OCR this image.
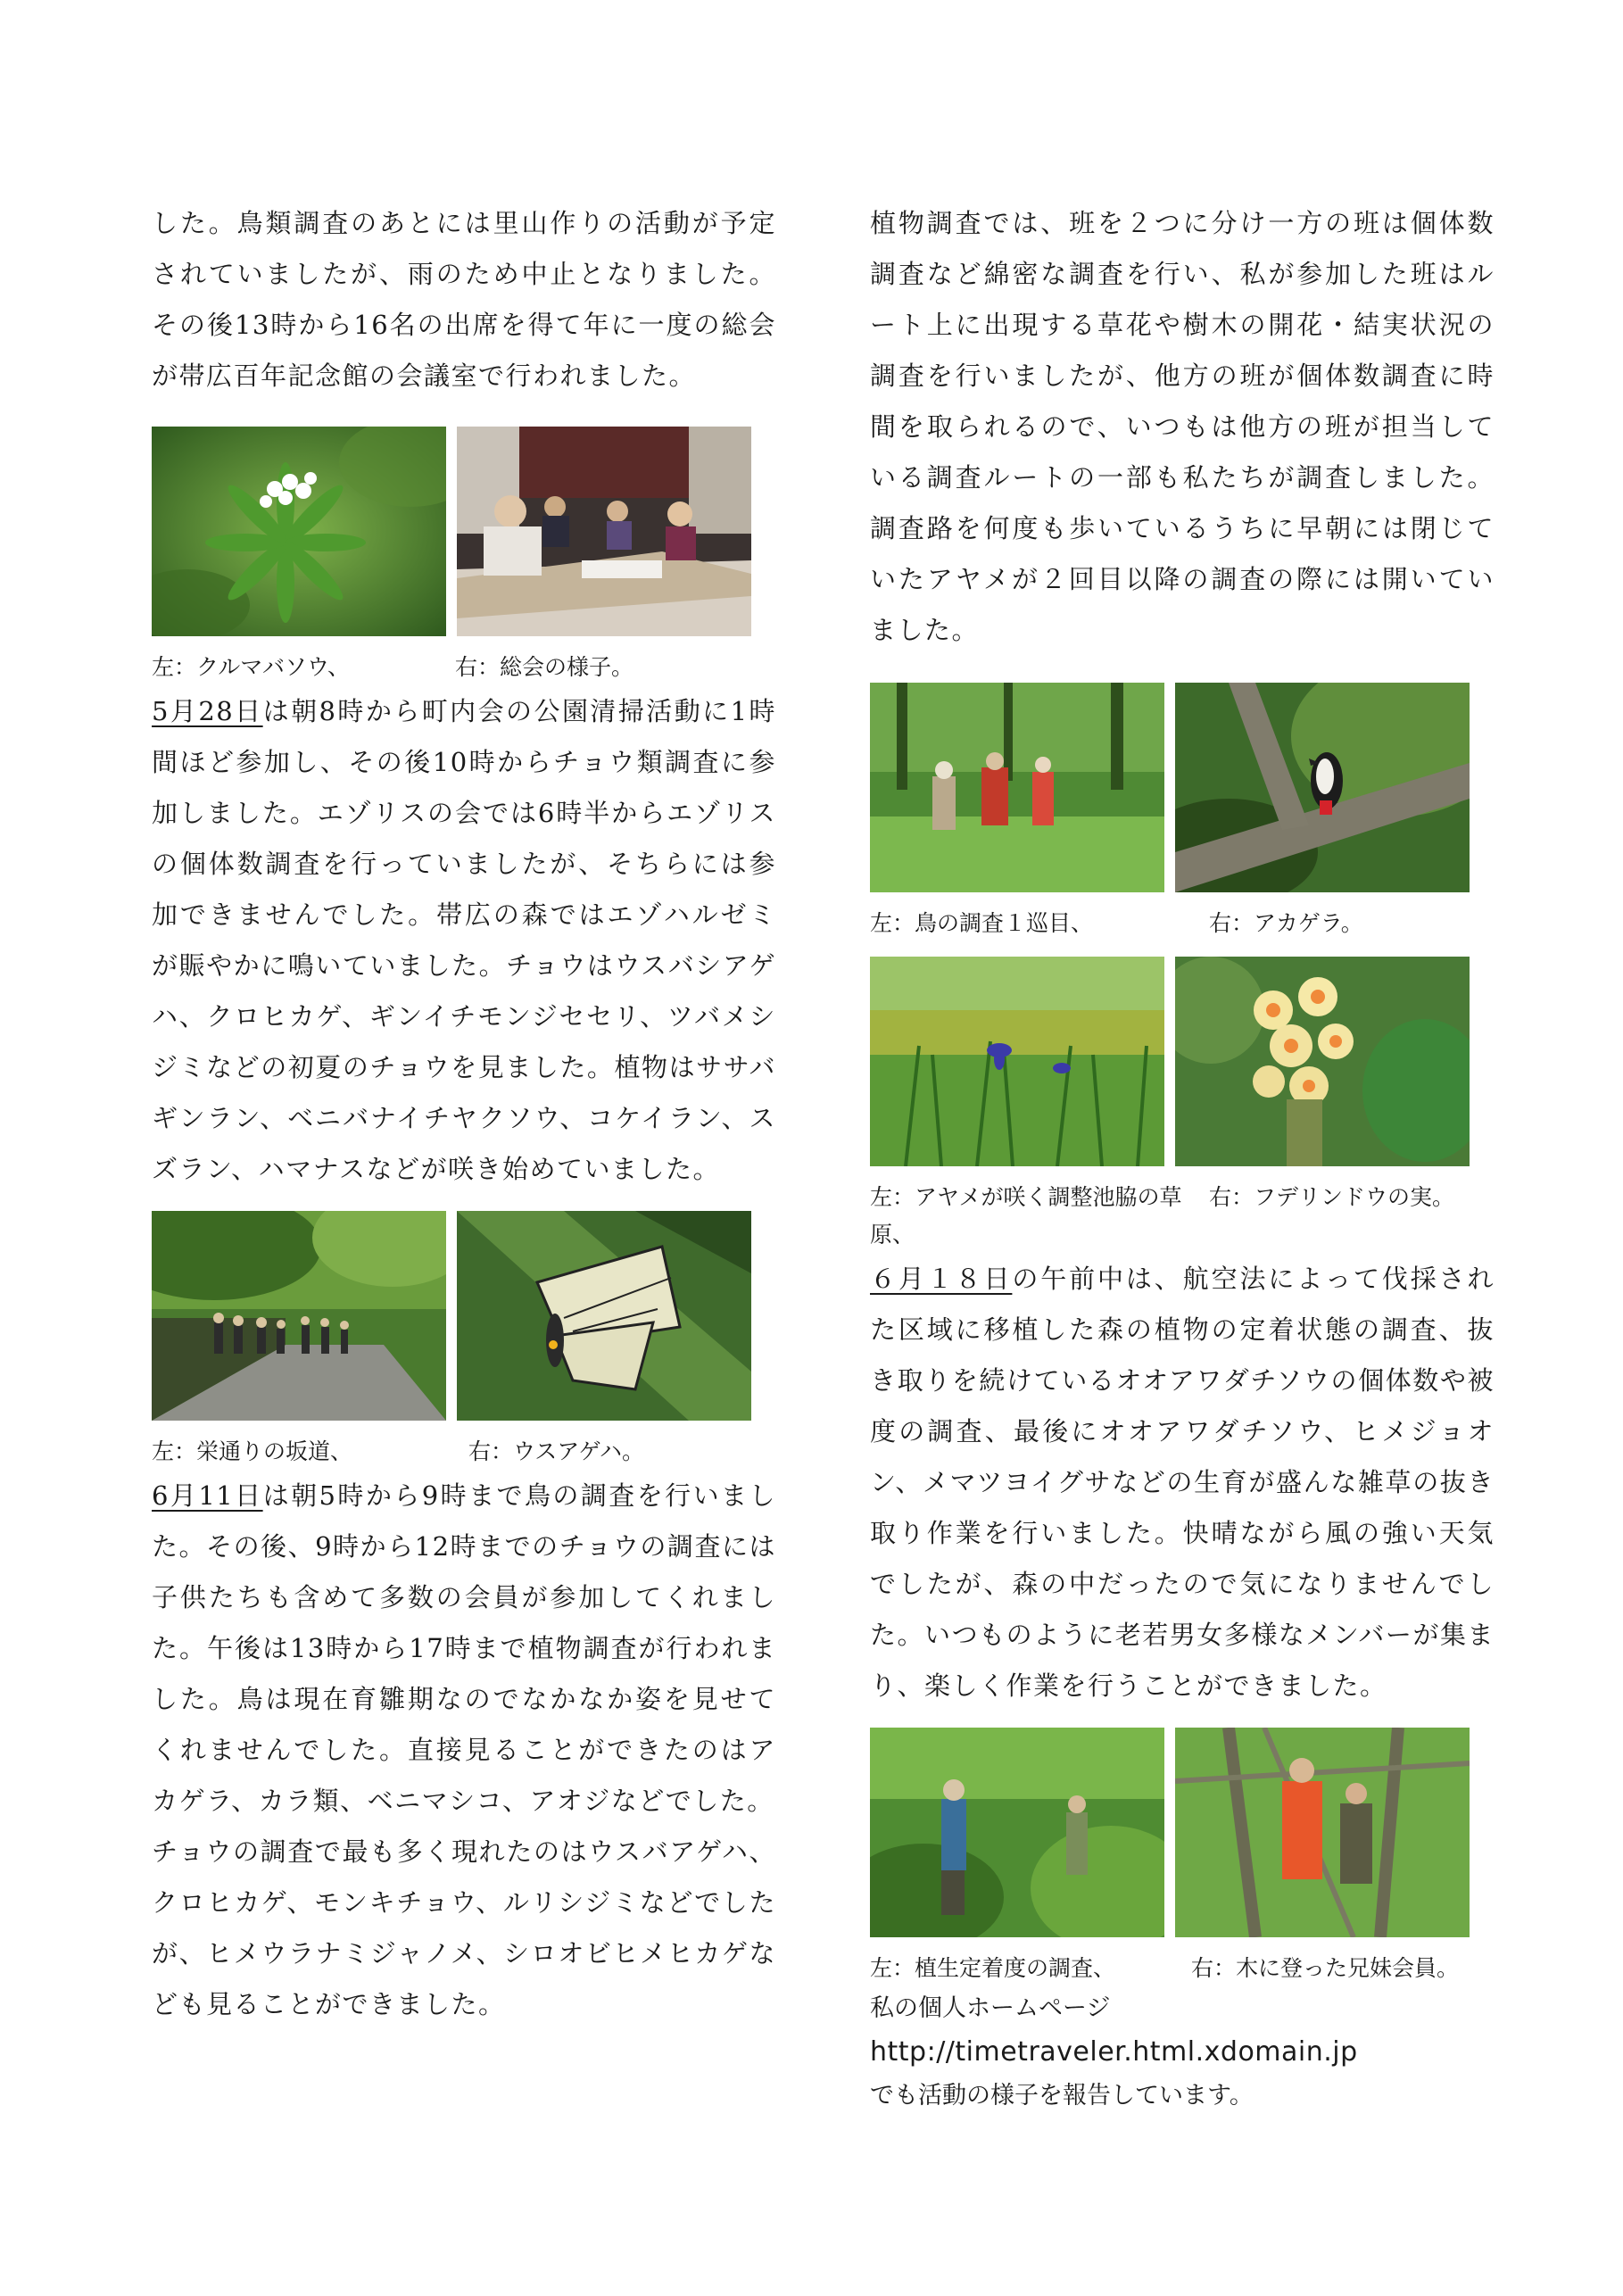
した。鳥類調査のあとには里山作りの活動が予定されていましたが、雨のため中止となりました。その後13時から16名の出席を得て年に一度の総会が帯広百年記念館の会議室で行われました。

左：クルマバソウ、	右：総会の様子。

5月28日は朝8時から町内会の公園清掃活動に1時間ほど参加し、その後10時からチョウ類調査に参加しました。エゾリスの会では6時半からエゾリスの個体数調査を行っていましたが、そちらには参加できませんでした。帯広の森ではエゾハルゼミが賑やかに鳴いていました。チョウはウスバシアゲハ、クロヒカゲ、ギンイチモンジセセリ、ツバメシジミなどの初夏のチョウを見ました。植物はササバギンラン、ベニバナイチヤクソウ、コケイラン、スズラン、ハマナスなどが咲き始めていました。

左：栄通りの坂道、	右：ウスアゲハ。

6月11日は朝5時から9時まで鳥の調査を行いました。その後、9時から12時までのチョウの調査には子供たちも含めて多数の会員が参加してくれました。午後は13時から17時まで植物調査が行われました。鳥は現在育雛期なのでなかなか姿を見せてくれませんでした。直接見ることができたのはアカゲラ、カラ類、ベニマシコ、アオジなどでした。

チョウの調査で最も多く現れたのはウスバアゲハ、クロヒカゲ、モンキチョウ、ルリシジミなどでしたが、ヒメウラナミジャノメ、シロオビヒメヒカゲなども見ることができました。

植物調査では、班を２つに分け一方の班は個体数調査など綿密な調査を行い、私が参加した班はルート上に出現する草花や樹木の開花・結実状況の調査を行いましたが、他方の班が個体数調査に時間を取られるので、いつもは他方の班が担当している調査ルートの一部も私たちが調査しました。調査路を何度も歩いているうちに早朝には閉じていたアヤメが２回目以降の調査の際には開いていました。

左：鳥の調査１巡目、	右：アカゲラ。
左：アヤメが咲く調整池脇の草原、
右：フデリンドウの実。

６月１８日の午前中は、航空法によって伐採された区域に移植した森の植物の定着状態の調査、抜き取りを続けているオオアワダチソウの個体数や被度の調査、最後にオオアワダチソウ、ヒメジョオン、メマツヨイグサなどの生育が盛んな雑草の抜き取り作業を行いました。快晴ながら風の強い天気でしたが、森の中だったので気になりませんでした。いつものように老若男女多様なメンバーが集まり、楽しく作業を行うことができました。

左：植生定着度の調査、	右：木に登った兄妹会員。
私の個人ホームページ
http://timetraveler.html.xdomain.jp
でも活動の様子を報告しています。
